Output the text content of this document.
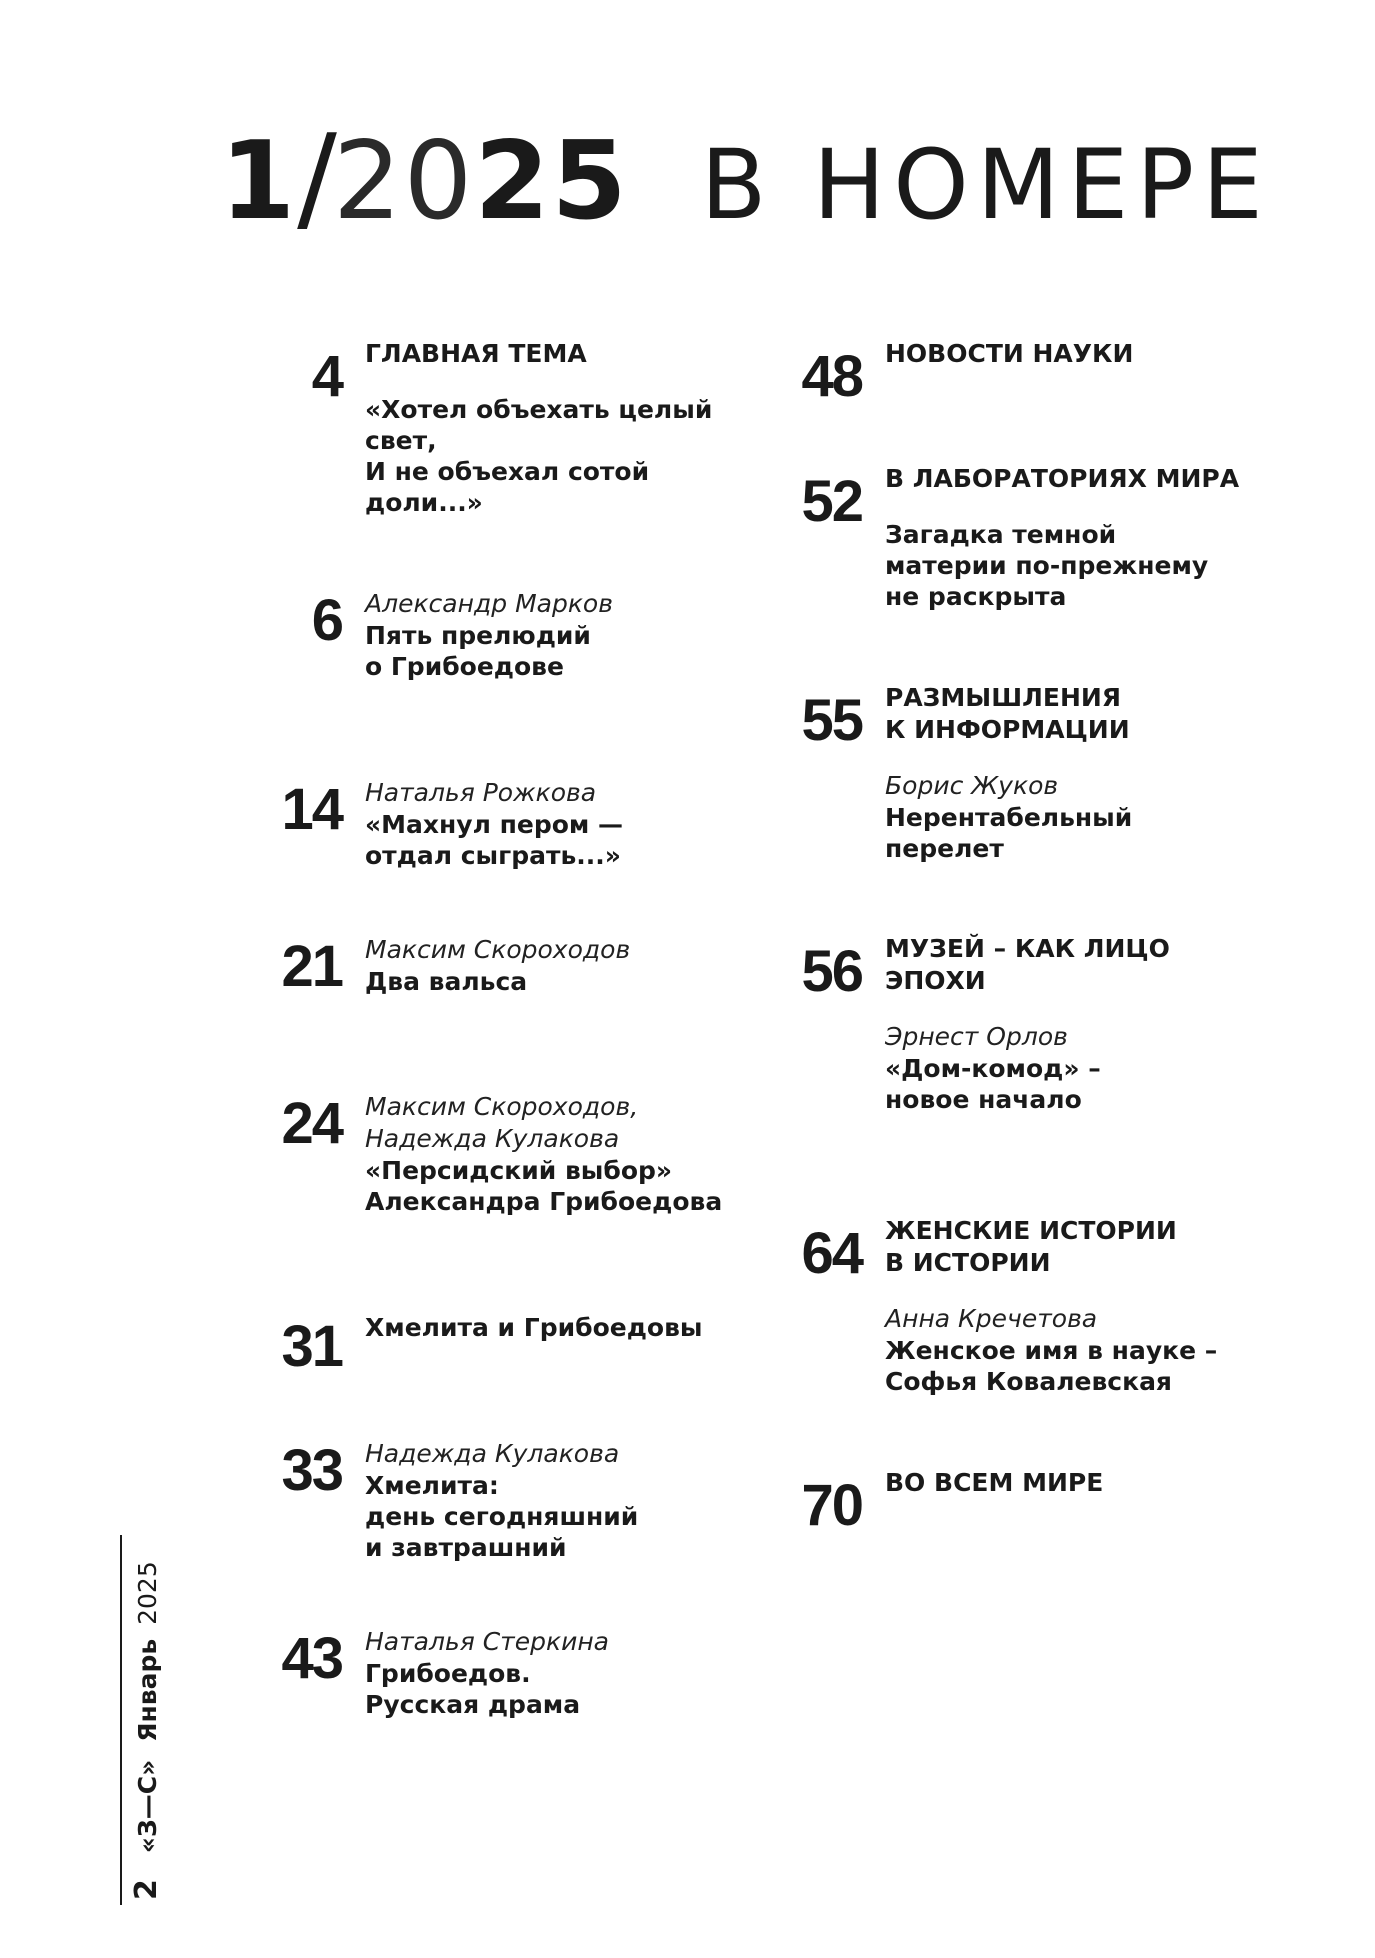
1/2025 В НОМЕРЕ
4 ГЛАВНАЯ ТЕМА
«Хотел объехать целый
свет,
И не объехал сотой
доли...»
6 Александр Марков
Пять прелюдий
о Грибоедове
14 Наталья Рожкова
«Махнул пером —
отдал сыграть...»
21 Максим Скороходов
Два вальса
24 Максим Скороходов,
Надежда Кулакова
«Персидский выбор»
Александра Грибоедова
31 Хмелита и Грибоедовы
33 Надежда Кулакова
Хмелита:
день сегодняшний
и завтрашний
43 Наталья Стеркина
Грибоедов.
Русская драма
48 НОВОСТИ НАУКИ
52 В ЛАБОРАТОРИЯХ МИРА
Загадка темной
материи по-прежнему
не раскрыта
55 РАЗМЫШЛЕНИЯ
К ИНФОРМАЦИИ
Борис Жуков
Нерентабельный
перелет
56 МУЗЕЙ – КАК ЛИЦО
ЭПОХИ
Эрнест Орлов
«Дом-комод» –
новое начало
64 ЖЕНСКИЕ ИСТОРИИ
В ИСТОРИИ
Анна Кречетова
Женское имя в науке –
Софья Ковалевская
70 ВО ВСЕМ МИРЕ
2«З—С» Январь 2025
